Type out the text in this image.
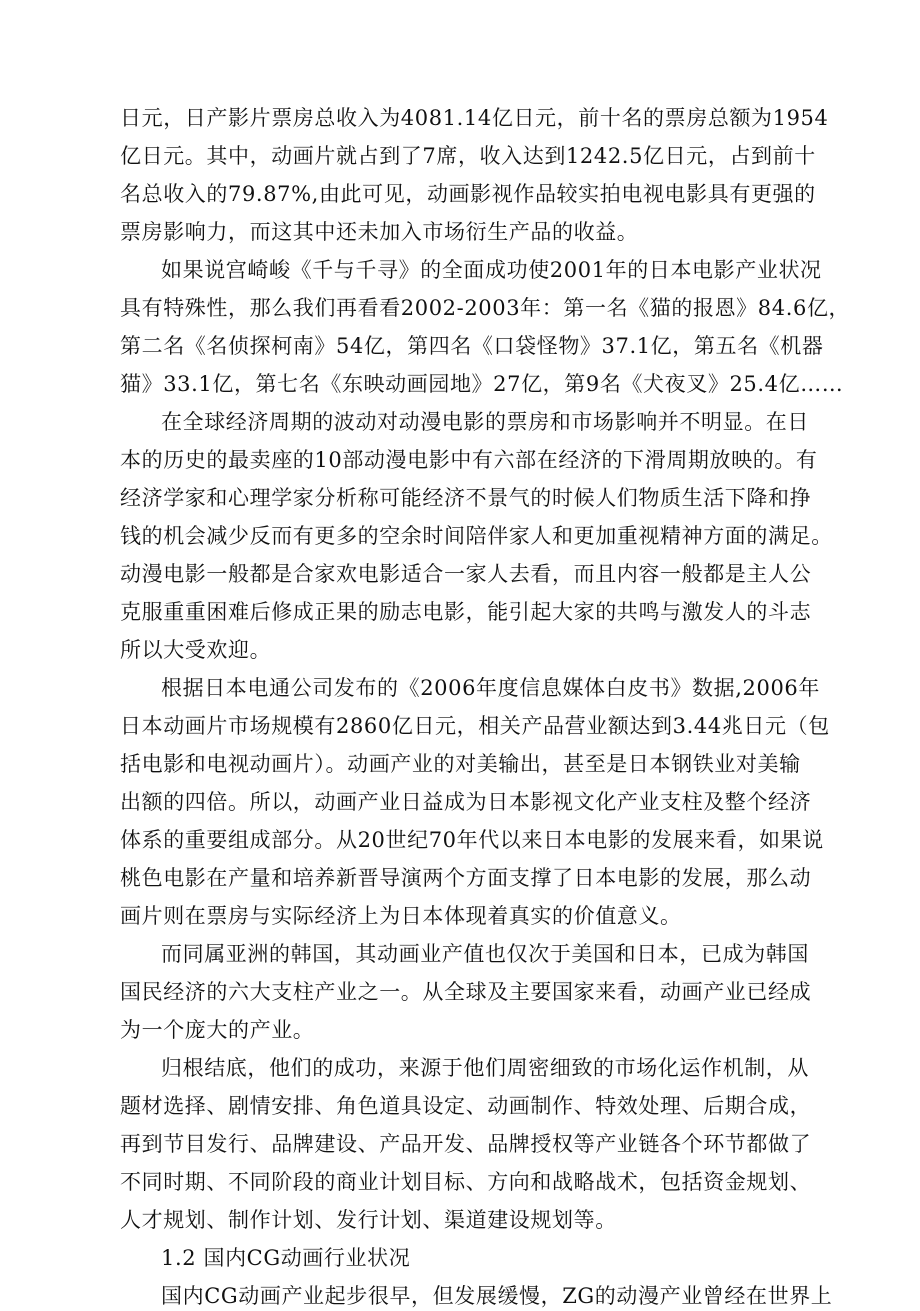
日元，日产影片票房总收入为4081.14亿日元，前十名的票房总额为1954
亿日元。其中，动画片就占到了7席，收入达到1242.5亿日元，占到前十
名总收入的79.87%,由此可见，动画影视作品较实拍电视电影具有更强的
票房影响力，而这其中还未加入市场衍生产品的收益。
如果说宫崎峻《千与千寻》的全面成功使2001年的日本电影产业状况
具有特殊性，那么我们再看看2002-2003年：第一名《猫的报恩》84.6亿，
第二名《名侦探柯南》54亿，第四名《口袋怪物》37.1亿，第五名《机器
猫》33.1亿，第七名《东映动画园地》27亿，第9名《犬夜叉》25.4亿……
在全球经济周期的波动对动漫电影的票房和市场影响并不明显。在日
本的历史的最卖座的10部动漫电影中有六部在经济的下滑周期放映的。有
经济学家和心理学家分析称可能经济不景气的时候人们物质生活下降和挣
钱的机会减少反而有更多的空余时间陪伴家人和更加重视精神方面的满足。
动漫电影一般都是合家欢电影适合一家人去看，而且内容一般都是主人公
克服重重困难后修成正果的励志电影，能引起大家的共鸣与激发人的斗志
所以大受欢迎。
根据日本电通公司发布的《2006年度信息媒体白皮书》数据,2006年
日本动画片市场规模有2860亿日元，相关产品营业额达到3.44兆日元（包
括电影和电视动画片）。动画产业的对美输出，甚至是日本钢铁业对美输
出额的四倍。所以，动画产业日益成为日本影视文化产业支柱及整个经济
体系的重要组成部分。从20世纪70年代以来日本电影的发展来看，如果说
桃色电影在产量和培养新晋导演两个方面支撑了日本电影的发展，那么动
画片则在票房与实际经济上为日本体现着真实的价值意义。
而同属亚洲的韩国，其动画业产值也仅次于美国和日本，已成为韩国
国民经济的六大支柱产业之一。从全球及主要国家来看，动画产业已经成
为一个庞大的产业。
归根结底，他们的成功，来源于他们周密细致的市场化运作机制，从
题材选择、剧情安排、角色道具设定、动画制作、特效处理、后期合成，
再到节目发行、品牌建设、产品开发、品牌授权等产业链各个环节都做了
不同时期、不同阶段的商业计划目标、方向和战略战术，包括资金规划、
人才规划、制作计划、发行计划、渠道建设规划等。
1.2 国内CG动画行业状况
国内CG动画产业起步很早，但发展缓慢，ZG的动漫产业曾经在世界上
